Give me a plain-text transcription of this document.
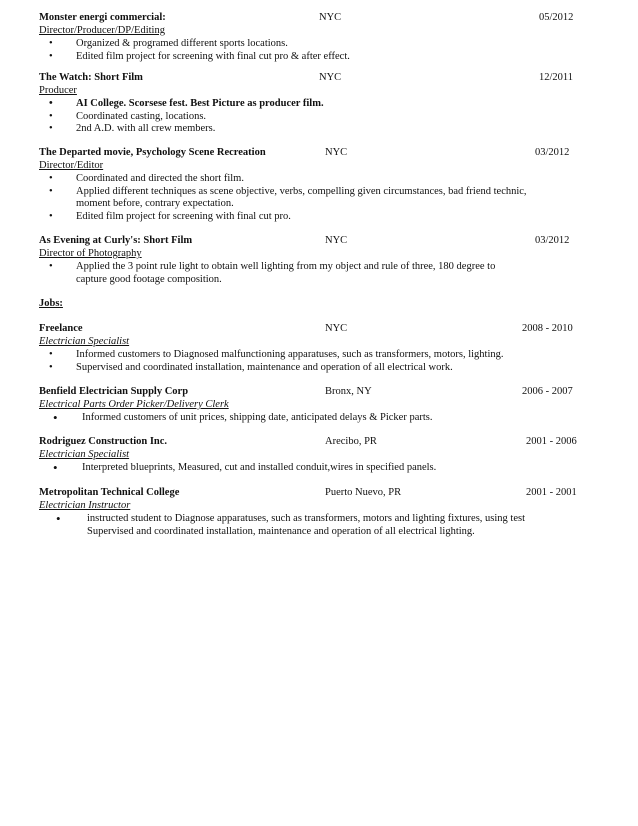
Monster energi commercial:	NYC	05/2012
Director/Producer/DP/Editing
• Organized & programed different sports locations.
• Edited film project for screening with final cut pro & after effect.
The Watch: Short Film	NYC	12/2011
Producer
• AI College. Scorsese fest. Best Picture as producer film.
• Coordinated casting, locations.
• 2nd A.D. with all crew members.
The Departed movie, Psychology Scene Recreation	NYC	03/2012
Director/Editor
• Coordinated and directed the short film.
• Applied different techniques as scene objective, verbs, compelling given circumstances, bad friend technic,
moment before, contrary expectation.
• Edited film project for screening with final cut pro.
As Evening at Curly's: Short Film	NYC	03/2012
Director of Photography
• Applied the 3 point rule light to obtain well lighting from my object and rule of three, 180 degree to
capture good footage composition.
Jobs:
Freelance	NYC	2008 - 2010
Electrician Specialist
• Informed customers to Diagnosed malfunctioning apparatuses, such as transformers, motors, lighting.
• Supervised and coordinated installation, maintenance and operation of all electrical work.
Benfield Electrician Supply Corp	Bronx, NY	2006 - 2007
Electrical Parts Order Picker/Delivery Clerk
• Informed customers of unit prices, shipping date, anticipated delays & Picker parts.
Rodriguez Construction Inc.	Arecibo, PR	2001 - 2006
Electrician Specialist
• Interpreted blueprints, Measured, cut and installed conduit,wires in specified panels.
Metropolitan Technical College	Puerto Nuevo, PR	2001 - 2001
Electrician Instructor
•	instructed student to Diagnose apparatuses, such as transformers, motors and lighting fixtures, using test
Supervised and coordinated installation, maintenance and operation of all electrical lighting.
